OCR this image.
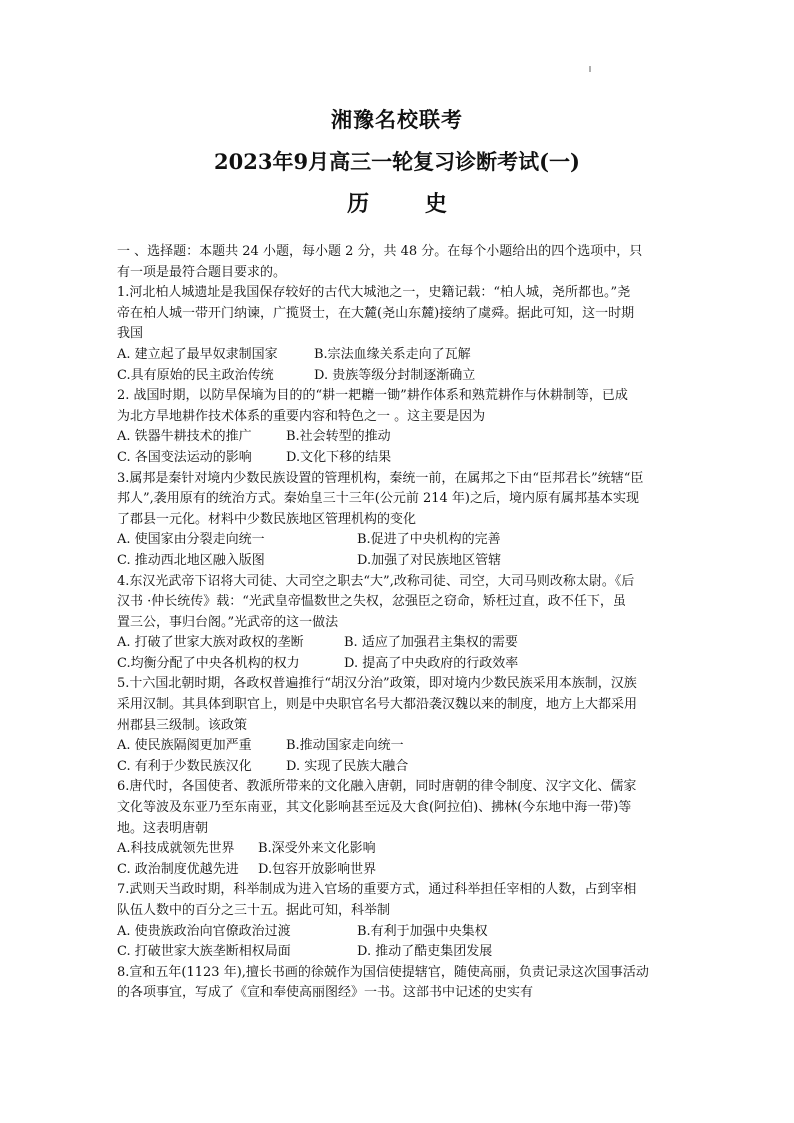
湘豫名校联考
2023年9月高三一轮复习诊断考试(一)
历 史
一 、选择题：本题共 24 小题，每小题 2 分，共 48 分。在每个小题给出的四个选项中，只
有一项是最符合题目要求的。
1.河北柏人城遗址是我国保存较好的古代大城池之一，史籍记载：“柏人城，尧所都也。”尧
帝在柏人城一带开门纳谏，广揽贤士，在大麓(尧山东麓)接纳了虞舜。据此可知，这一时期
我国
A. 建立起了最早奴隶制国家	B.宗法血缘关系走向了瓦解
C.具有原始的民主政治传统	D. 贵族等级分封制逐渐确立
2. 战国时期，以防旱保墒为目的的“耕一耙耱一锄”耕作体系和熟荒耕作与休耕制等，已成
为北方旱地耕作技术体系的重要内容和特色之一 。这主要是因为
A. 铁器牛耕技术的推广	B.社会转型的推动
C. 各国变法运动的影响	D.文化下移的结果
3.属邦是秦针对境内少数民族设置的管理机构，秦统一前，在属邦之下由“臣邦君长”统辖“臣
邦人”,袭用原有的统治方式。秦始皇三十三年(公元前 214 年)之后，境内原有属邦基本实现
了郡县一元化。材料中少数民族地区管理机构的变化
A. 使国家由分裂走向统一	B.促进了中央机构的完善
C. 推动西北地区融入版图	D.加强了对民族地区管辖
4.东汉光武帝下诏将大司徒、大司空之职去“大”,改称司徒、司空，大司马则改称太尉。《后
汉书 ·仲长统传》载：“光武皇帝愠数世之失权，忿强臣之窃命，矫枉过直，政不任下，虽
置三公，事归台阁。”光武帝的这一做法
A. 打破了世家大族对政权的垄断	B. 适应了加强君主集权的需要
C.均衡分配了中央各机构的权力	D. 提高了中央政府的行政效率
5.十六国北朝时期，各政权普遍推行“胡汉分治”政策，即对境内少数民族采用本族制，汉族
采用汉制。其具体到职官上，则是中央职官名号大都沿袭汉魏以来的制度，地方上大都采用
州郡县三级制。该政策
A. 使民族隔阂更加严重	B.推动国家走向统一
C. 有利于少数民族汉化	D. 实现了民族大融合
6.唐代时，各国使者、教派所带来的文化融入唐朝，同时唐朝的律令制度、汉字文化、儒家
文化等波及东亚乃至东南亚，其文化影响甚至远及大食(阿拉伯)、拂林(今东地中海一带)等
地。这表明唐朝
A.科技成就领先世界	B.深受外来文化影响
C. 政治制度优越先进	D.包容开放影响世界
7.武则天当政时期，科举制成为进入官场的重要方式，通过科举担任宰相的人数，占到宰相
队伍人数中的百分之三十五。据此可知，科举制
A. 使贵族政治向官僚政治过渡	B.有利于加强中央集权
C. 打破世家大族垄断相权局面	D. 推动了酷吏集团发展
8.宣和五年(1123 年),擅长书画的徐兢作为国信使提辖官，随使高丽，负责记录这次国事活动
的各项事宜，写成了《宣和奉使高丽图经》一书。这部书中记述的史实有
